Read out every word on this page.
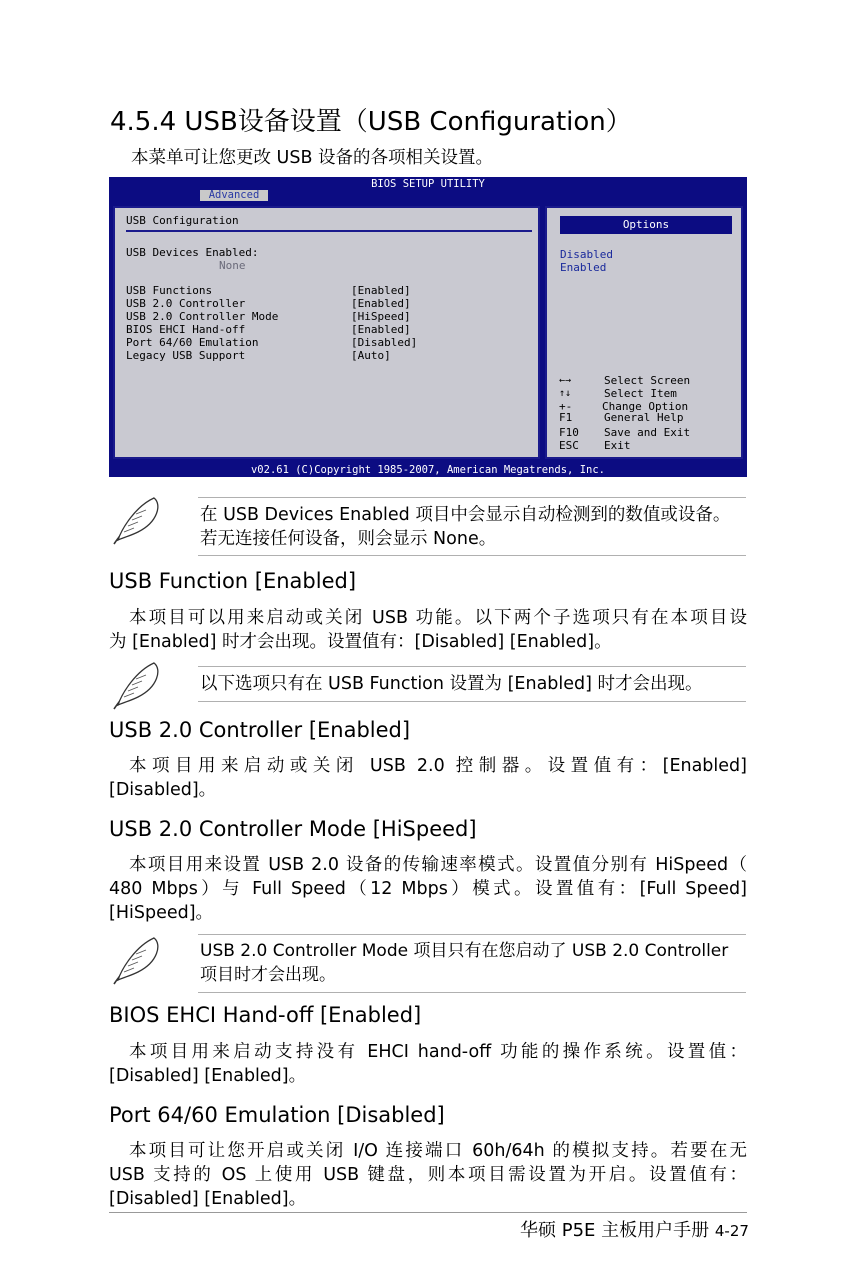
4.5.4 USB设备设置（USB Configuration）
本菜单可让您更改 USB 设备的各项相关设置。
BIOS SETUP UTILITY
Advanced
USB Configuration
USB Devices Enabled:
None
USB Functions	[Enabled]
USB 2.0 Controller	[Enabled]
USB 2.0 Controller Mode	[HiSpeed]
BIOS EHCI Hand-off	[Enabled]
Port 64/60 Emulation	[Disabled]
Legacy USB Support	[Auto]
Options
Disabled
Enabled
←→	Select Screen
↑↓	Select Item
+-	Change Option
F1	General Help
F10 Save and Exit
ESC Exit
v02.61 (C)Copyright 1985-2007, American Megatrends, Inc.
在 USB Devices Enabled 项目中会显示自动检测到的数值或设备。
若无连接任何设备，则会显示 None。
USB Function [Enabled]
本项目可以用来启动或关闭 USB 功能。以下两个子选项只有在本项目设
为 [Enabled] 时才会出现。设置值有：[Disabled] [Enabled]。
以下选项只有在 USB Function 设置为 [Enabled] 时才会出现。
USB 2.0 Controller [Enabled]
本项目用来启动或关闭 USB 2.0 控制器。设置值有：[Enabled]
[Disabled]。
USB 2.0 Controller Mode [HiSpeed]
本项目用来设置 USB 2.0 设备的传输速率模式。设置值分别有 HiSpeed（
480 Mbps）与 Full Speed（12 Mbps）模式。设置值有：[Full Speed]
[HiSpeed]。
USB 2.0 Controller Mode 项目只有在您启动了 USB 2.0 Controller
项目时才会出现。
BIOS EHCI Hand-off [Enabled]
本项目用来启动支持没有 EHCI hand-off 功能的操作系统。设置值：
[Disabled] [Enabled]。
Port 64/60 Emulation [Disabled]
本项目可让您开启或关闭 I/O 连接端口 60h/64h 的模拟支持。若要在无
USB 支持的 OS 上使用 USB 键盘，则本项目需设置为开启。设置值有：
[Disabled] [Enabled]。
华硕 P5E 主板用户手册 4-27
